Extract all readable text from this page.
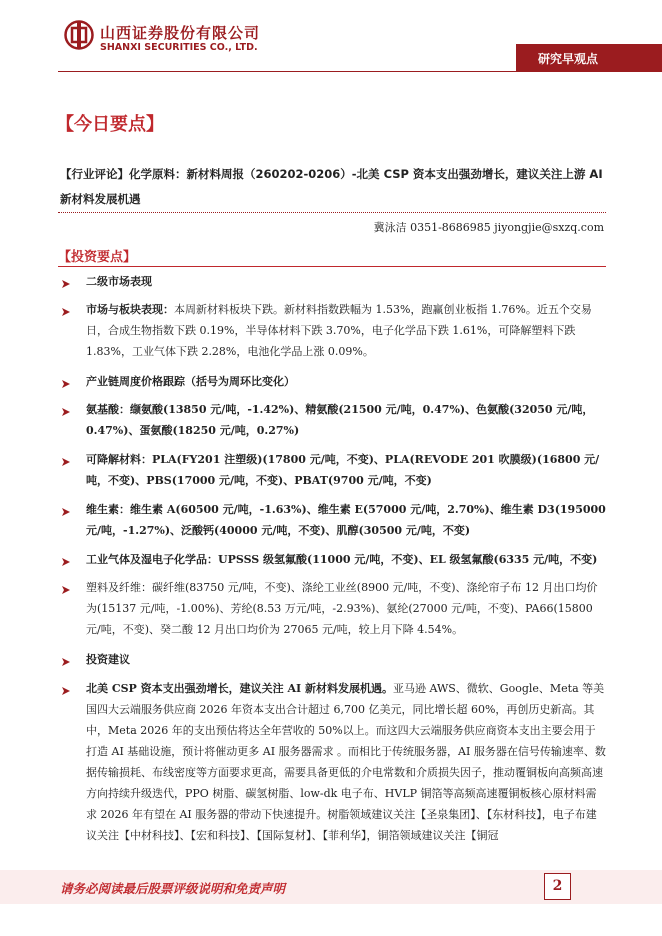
山西证券股份有限公司
SHANXI SECURITIES CO., LTD.
研究早观点
【今日要点】
【行业评论】化学原料：新材料周报（260202-0206）-北美 CSP 资本支出强劲增长，建议关注上游 AI 新材料发展机遇
冀泳洁 0351-8686985 jiyongjie@sxzq.com
【投资要点】
二级市场表现
市场与板块表现：本周新材料板块下跌。新材料指数跌幅为 1.53%，跑赢创业板指 1.76%。近五个交易日，合成生物指数下跌 0.19%，半导体材料下跌 3.70%，电子化学品下跌 1.61%，可降解塑料下跌 1.83%，工业气体下跌 2.28%，电池化学品上涨 0.09%。
产业链周度价格跟踪（括号为周环比变化）
氨基酸：缬氨酸(13850 元/吨，-1.42%)、精氨酸(21500 元/吨，0.47%)、色氨酸(32050 元/吨，0.47%)、蛋氨酸(18250 元/吨，0.27%)
可降解材料：PLA(FY201 注塑级)(17800 元/吨，不变)、PLA(REVODE 201 吹膜级)(16800 元/吨，不变)、PBS(17000 元/吨，不变)、PBAT(9700 元/吨，不变)
维生素：维生素 A(60500 元/吨，-1.63%)、维生素 E(57000 元/吨，2.70%)、维生素 D3(195000 元/吨，-1.27%)、泛酸钙(40000 元/吨，不变)、肌醇(30500 元/吨，不变)
工业气体及湿电子化学品：UPSSS 级氢氟酸(11000 元/吨，不变)、EL 级氢氟酸(6335 元/吨，不变)
塑料及纤维：碳纤维(83750 元/吨，不变)、涤纶工业丝(8900 元/吨，不变)、涤纶帘子布 12 月出口均价为(15137 元/吨，-1.00%)、芳纶(8.53 万元/吨，-2.93%)、氨纶(27000 元/吨，不变)、PA66(15800 元/吨，不变)、癸二酸 12 月出口均价为 27065 元/吨，较上月下降 4.54%。
投资建议
北美 CSP 资本支出强劲增长，建议关注 AI 新材料发展机遇。亚马逊 AWS、微软、Google、Meta 等美国四大云端服务供应商 2026 年资本支出合计超过 6,700 亿美元，同比增长超 60%，再创历史新高。其中，Meta 2026 年的支出预估将达全年营收的 50%以上。而这四大云端服务供应商资本支出主要会用于打造 AI 基础设施，预计将催动更多 AI 服务器需求 。而相比于传统服务器，AI 服务器在信号传输速率、数据传输损耗、布线密度等方面要求更高，需要具备更低的介电常数和介质损失因子，推动覆铜板向高频高速方向持续升级迭代，PPO 树脂、碳氢树脂、low-dk 电子布、HVLP 铜箔等高频高速覆铜板核心原材料需求 2026 年有望在 AI 服务器的带动下快速提升。树脂领域建议关注【圣泉集团】、【东材科技】，电子布建议关注【中材科技】、【宏和科技】、【国际复材】、【菲利华】，铜箔领域建议关注【铜冠
请务必阅读最后股票评级说明和免责声明	2
